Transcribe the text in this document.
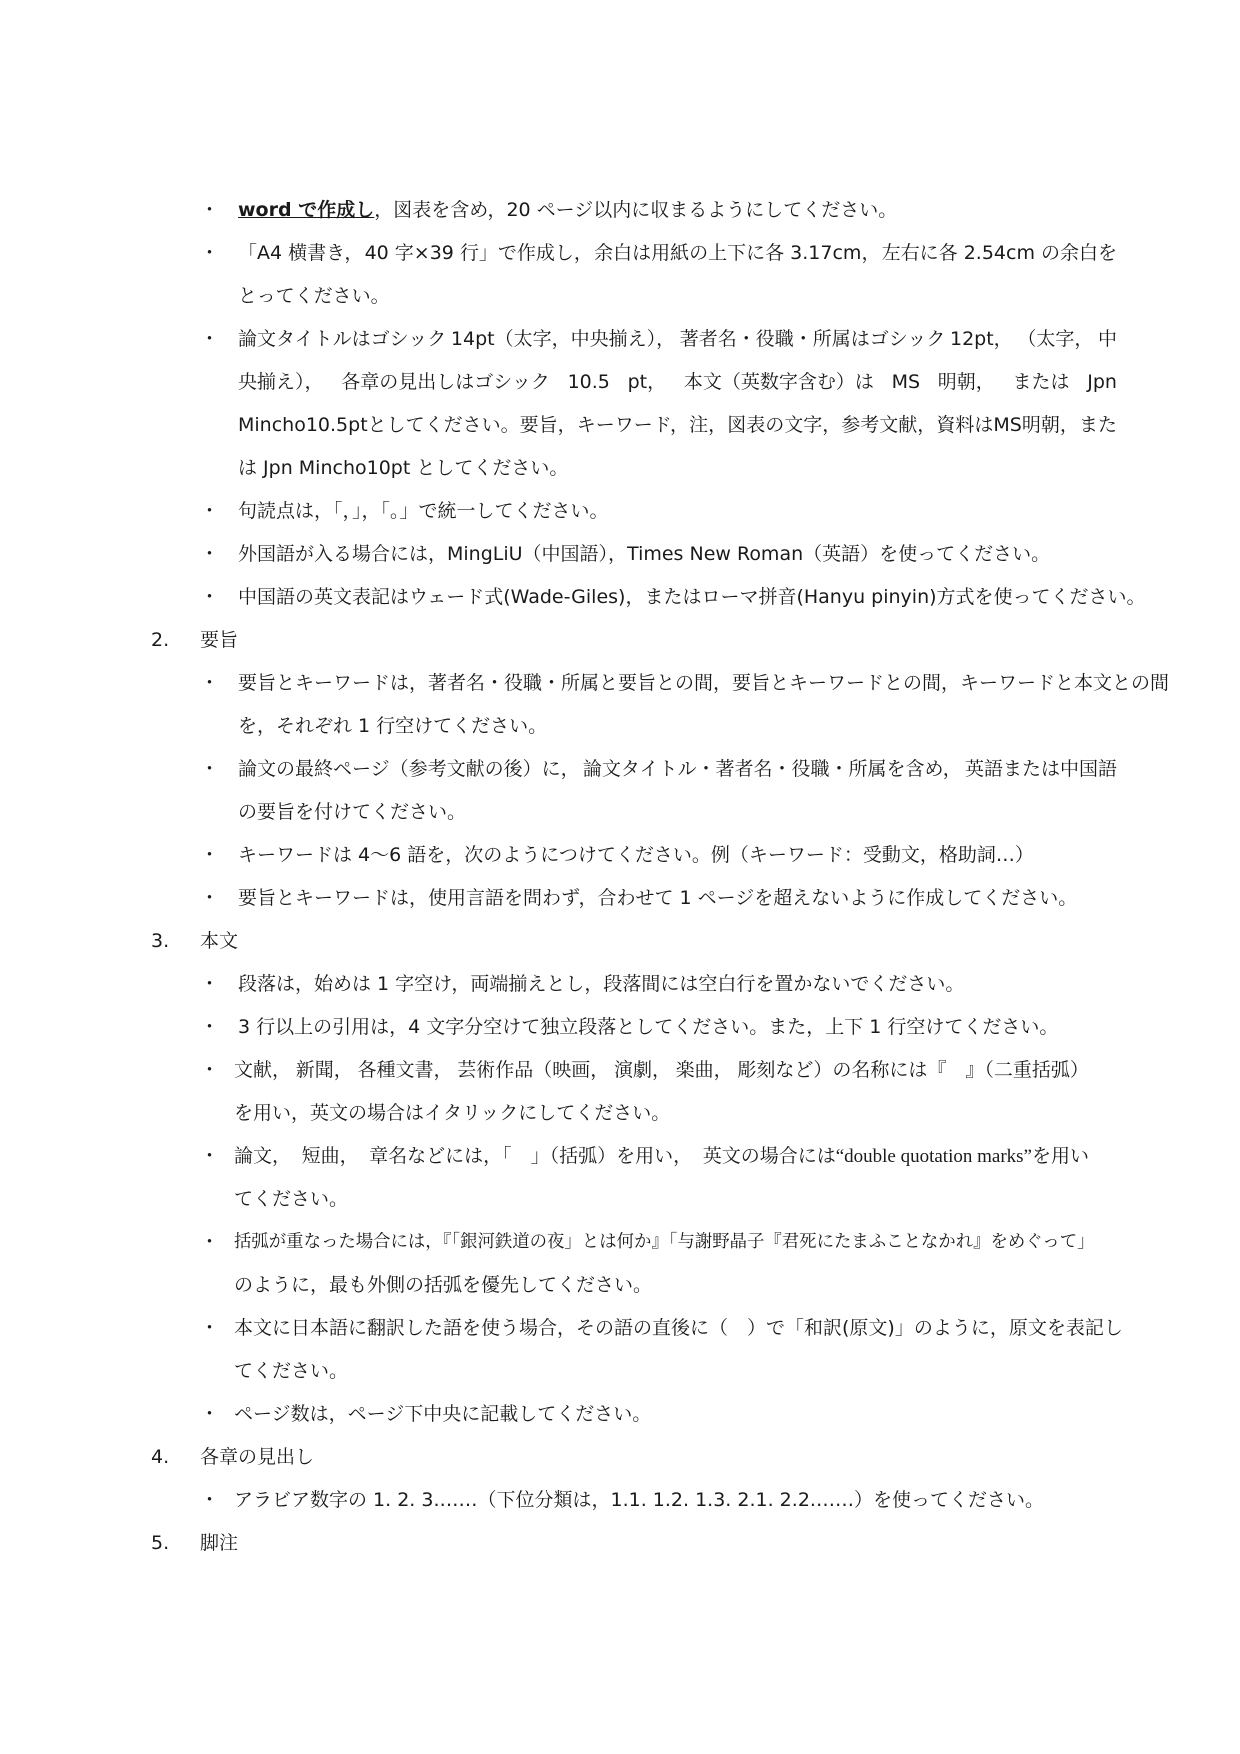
・ word で作成し，図表を含め，20 ページ以内に収まるようにしてください。
・ 「A4 横書き， 40 字×39 行」で作成し， 余白は用紙の上下に各 3.17cm， 左右に各 2.54cm の余白を
とってください。
・ 論文タイトルはゴシック 14pt（太字，中央揃え）， 著者名・役職・所属はゴシック 12pt， （太字， 中
央揃え）， 各章の見出しはゴシック 10.5 pt， 本文（英数字含む）は MS 明朝， または Jpn
Mincho10.5ptとしてください。要旨， キーワード， 注， 図表の文字， 参考文献， 資料はMS明朝， また
は Jpn Mincho10pt としてください。
・ 句読点は，「，」，「。」で統一してください。
・ 外国語が入る場合には，MingLiU（中国語），Times New Roman（英語）を使ってください。
・ 中国語の英文表記はウェード式(Wade-Giles)，またはローマ拼音(Hanyu pinyin)方式を使ってください。
2. 要旨
・ 要旨とキーワードは， 著者名・役職・所属と要旨との間， 要旨とキーワードとの間， キーワードと本文との間
を，それぞれ 1 行空けてください。
・ 論文の最終ページ（参考文献の後）に， 論文タイトル・著者名・役職・所属を含め， 英語または中国語
の要旨を付けてください。
・ キーワードは 4～6 語を，次のようにつけてください。例（キーワード：受動文，格助詞…）
・ 要旨とキーワードは，使用言語を問わず，合わせて 1 ページを超えないように作成してください。
3. 本文
・ 段落は，始めは 1 字空け，両端揃えとし，段落間には空白行を置かないでください。
・ 3 行以上の引用は，4 文字分空けて独立段落としてください。また，上下 1 行空けてください。
・ 文献， 新聞， 各種文書， 芸術作品（映画， 演劇， 楽曲， 彫刻など）の名称には『　』（二重括弧）
を用い，英文の場合はイタリックにしてください。
・ 論文， 短曲， 章名などには，「　」（括弧）を用い， 英文の場合には“double quotation marks”を用い
てください。
・ 括弧が重なった場合には，『「銀河鉄道の夜」とは何か』「与謝野晶子『君死にたまふことなかれ』をめぐって」
のように，最も外側の括弧を優先してください。
・ 本文に日本語に翻訳した語を使う場合， その語の直後に（　）で「和訳(原文)」のように， 原文を表記し
てください。
・ ページ数は，ページ下中央に記載してください。
4. 各章の見出し
・ アラビア数字の 1. 2. 3.……（下位分類は，1.1. 1.2. 1.3. 2.1. 2.2.……）を使ってください。
5. 脚注
